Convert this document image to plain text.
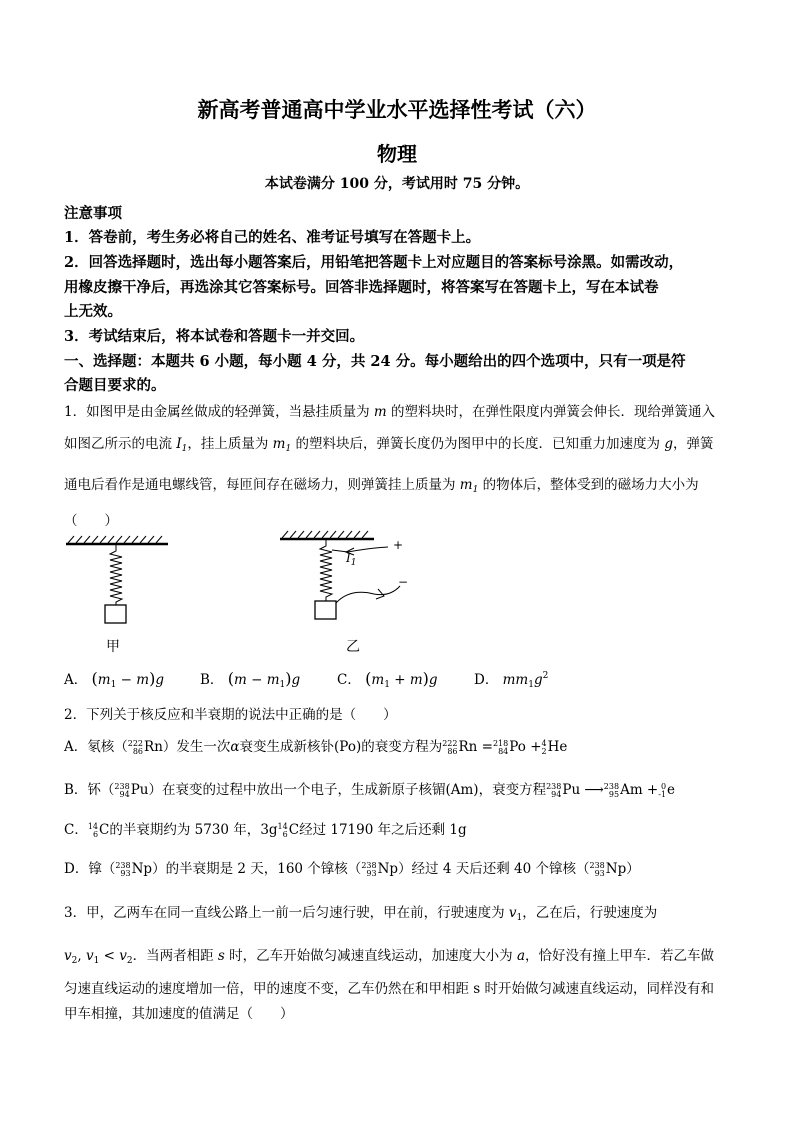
新高考普通高中学业水平选择性考试（六）
物理
本试卷满分 100 分，考试用时 75 分钟。
注意事项
1．答卷前，考生务必将自己的姓名、准考证号填写在答题卡上。
2．回答选择题时，选出每小题答案后，用铅笔把答题卡上对应题目的答案标号涂黑。如需改动，
用橡皮擦干净后，再选涂其它答案标号。回答非选择题时，将答案写在答题卡上，写在本试卷
上无效。
3．考试结束后，将本试卷和答题卡一并交回。
一、选择题：本题共 6 小题，每小题 4 分，共 24 分。每小题给出的四个选项中，只有一项是符
合题目要求的。
1．如图甲是由金属丝做成的轻弹簧，当悬挂质量为 m 的塑料块时，在弹性限度内弹簧会伸长．现给弹簧通入
如图乙所示的电流 $I_1$，挂上质量为 $m_1$ 的塑料块后，弹簧长度仍为图甲中的长度．已知重力加速度为 g，弹簧
通电后看作是通电螺线管，每匝间存在磁场力，则弹簧挂上质量为 $m_1$ 的物体后，整体受到的磁场力大小为
（　　）
甲
$I_1$
+
−
乙
A． $(m_1 - m)g$	B． $(m - m_1)g$	C． $(m_1 + m)g$	D． $mm_1g^2$
2．下列关于核反应和半衰期的说法中正确的是（　　）
A．氡核（ 222
86 Rn）发生一次α衰变生成新核钋(Po)的衰变方程为 222
86 Rn = 218
84 Po + 4
2 He
B．钚（ 238
94 Pu）在衰变的过程中放出一个电子，生成新原子核镅(Am)，衰变方程 238
94 Pu ⟶ 238
95 Am + 0
-1 e
C． 14
6 C的半衰期约为 5730 年，3g 14
6 C经过 17190 年之后还剩 1g
D．镎（ 238
93 Np）的半衰期是 2 天，160 个镎核（ 238
93 Np）经过 4 天后还剩 40 个镎核（ 238
93 Np）
3．甲，乙两车在同一直线公路上一前一后匀速行驶，甲在前，行驶速度为 $v_1$，乙在后，行驶速度为
$v_2$, $v_1 < v_2$．当两者相距 s 时，乙车开始做匀减速直线运动，加速度大小为 a，恰好没有撞上甲车．若乙车做
匀速直线运动的速度增加一倍，甲的速度不变，乙车仍然在和甲相距 s 时开始做匀减速直线运动，同样没有和
甲车相撞，其加速度的值满足（　　）
